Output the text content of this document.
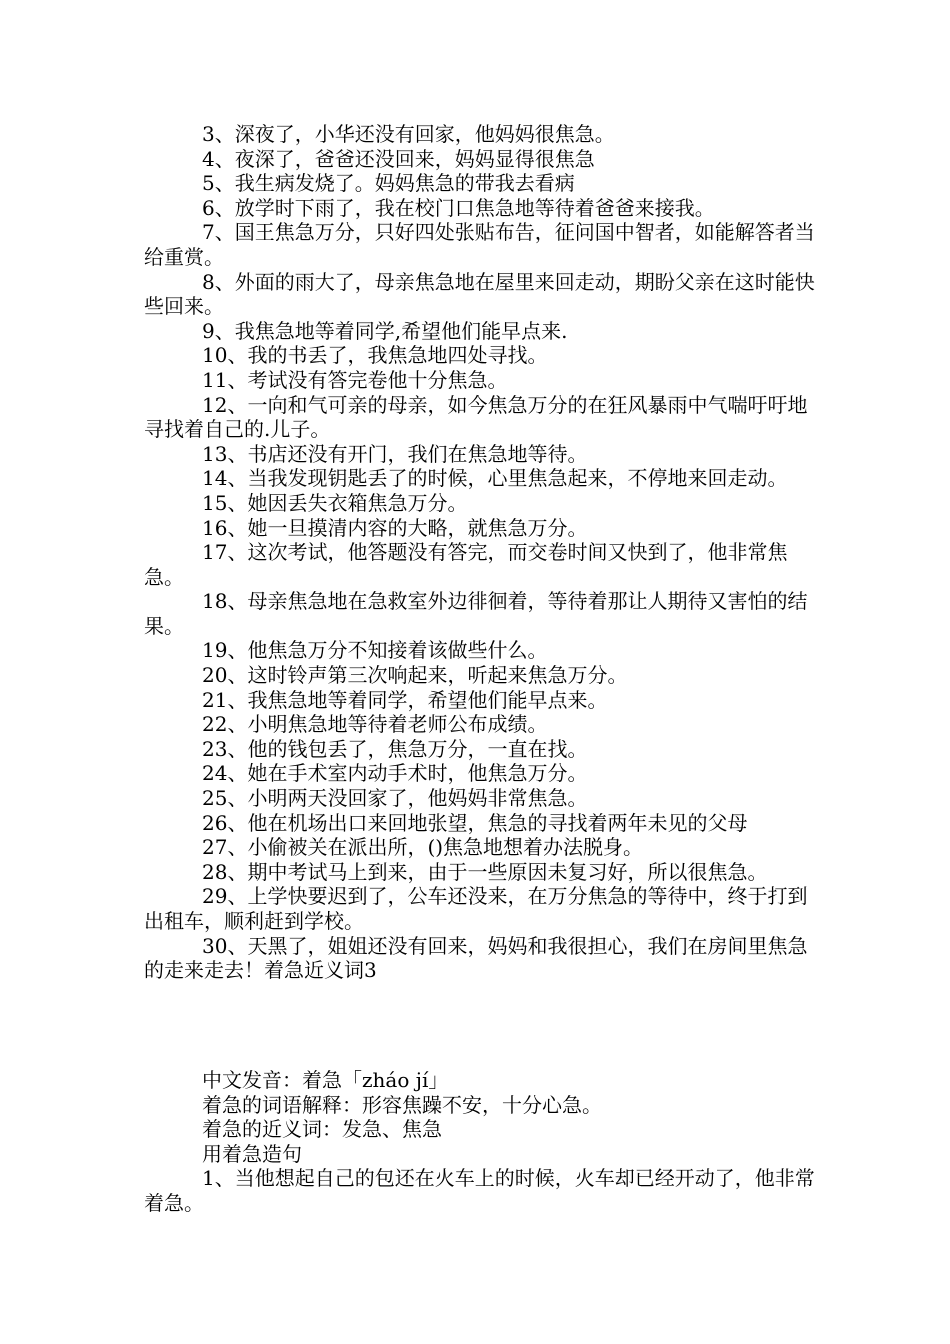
3、深夜了，小华还没有回家，他妈妈很焦急。

4、夜深了，爸爸还没回来，妈妈显得很焦急

5、我生病发烧了。妈妈焦急的带我去看病

6、放学时下雨了，我在校门口焦急地等待着爸爸来接我。

7、国王焦急万分，只好四处张贴布告，征问国中智者，如能解答者当给重赏。

8、外面的雨大了，母亲焦急地在屋里来回走动，期盼父亲在这时能快些回来。

9、我焦急地等着同学,希望他们能早点来.

10、我的书丢了，我焦急地四处寻找。

11、考试没有答完卷他十分焦急。

12、一向和气可亲的母亲，如今焦急万分的在狂风暴雨中气喘吁吁地寻找着自己的.儿子。

13、书店还没有开门，我们在焦急地等待。

14、当我发现钥匙丢了的时候，心里焦急起来，不停地来回走动。

15、她因丢失衣箱焦急万分。

16、她一旦摸清内容的大略，就焦急万分。

17、这次考试，他答题没有答完，而交卷时间又快到了，他非常焦急。

18、母亲焦急地在急救室外边徘徊着，等待着那让人期待又害怕的结果。

19、他焦急万分不知接着该做些什么。

20、这时铃声第三次响起来，听起来焦急万分。

21、我焦急地等着同学，希望他们能早点来。

22、小明焦急地等待着老师公布成绩。

23、他的钱包丢了，焦急万分，一直在找。

24、她在手术室内动手术时，他焦急万分。

25、小明两天没回家了，他妈妈非常焦急。

26、他在机场出口来回地张望，焦急的寻找着两年未见的父母

27、小偷被关在派出所，()焦急地想着办法脱身。

28、期中考试马上到来，由于一些原因未复习好，所以很焦急。

29、上学快要迟到了，公车还没来，在万分焦急的等待中，终于打到出租车，顺利赶到学校。

30、天黑了，姐姐还没有回来，妈妈和我很担心，我们在房间里焦急的走来走去！着急近义词3

中文发音：着急「zháo jí」

着急的词语解释：形容焦躁不安，十分心急。

着急的近义词：发急、焦急

用着急造句

1、当他想起自己的包还在火车上的时候，火车却已经开动了，他非常着急。
